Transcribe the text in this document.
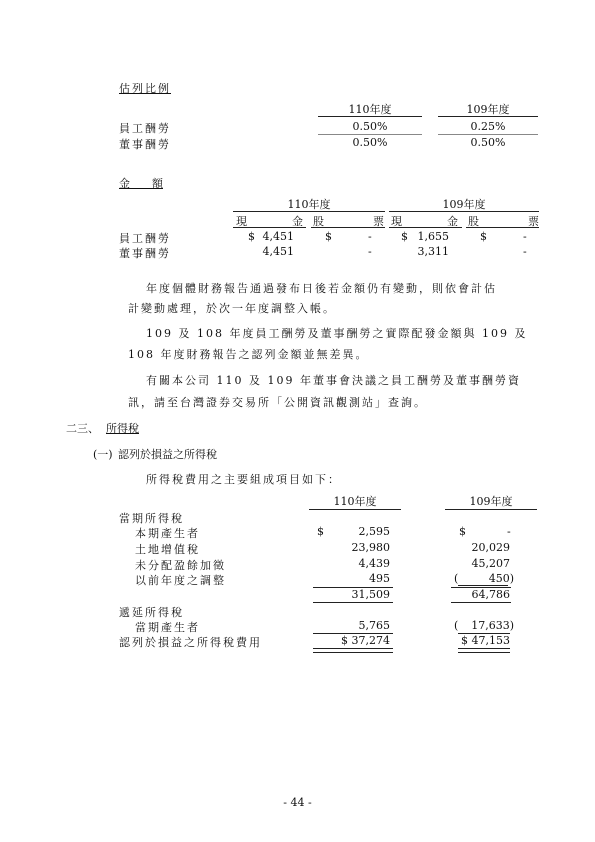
估列比例
110年度	109年度
員工酬勞	0.50%	0.25%
董事酬勞	0.50%	0.50%
金　　額
110年度	109年度
現	金 股	票 現	金 股	票
員工酬勞	$ 4,451	$	-	$ 1,655	$	-
董事酬勞	4,451	-	3,311	-
年度個體財務報告通過發布日後若金額仍有變動，則依會計估
計變動處理，於次一年度調整入帳。
109 及 108 年度員工酬勞及董事酬勞之實際配發金額與 109 及
108 年度財務報告之認列金額並無差異。
有關本公司 110 及 109 年董事會決議之員工酬勞及董事酬勞資
訊，請至台灣證券交易所「公開資訊觀測站」查詢。
二三、 所得稅
(一) 認列於損益之所得稅
所得稅費用之主要組成項目如下：
110年度	109年度
當期所得稅
本期產生者	$	2,595	$	-
土地增值稅	23,980	20,029
未分配盈餘加徵	4,439	45,207
以前年度之調整	495	(	450)
31,509	64,786
遞延所得稅
當期產生者	5,765	(	17,633)
認列於損益之所得稅費用	$ 37,274	$ 47,153
- 44 -
